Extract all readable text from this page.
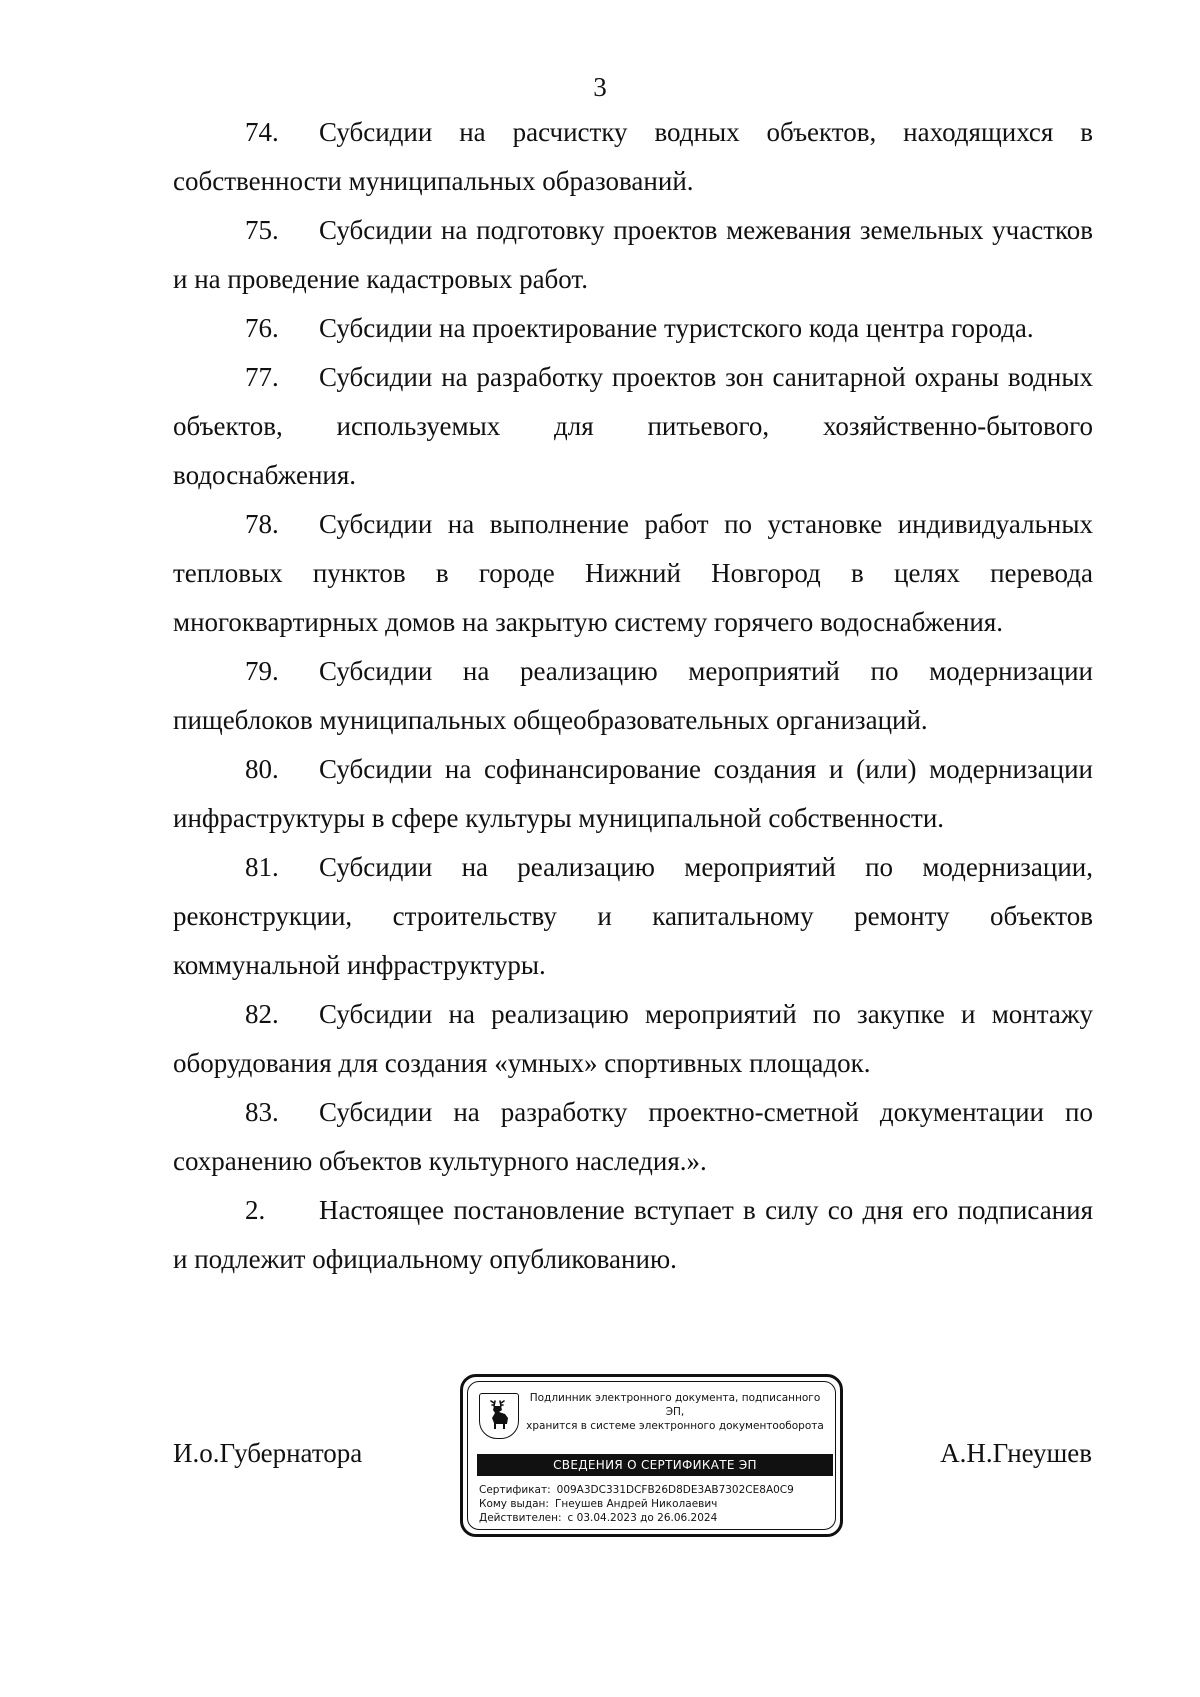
3

74. Субсидии на расчистку водных объектов, находящихся в собственности муниципальных образований.

75. Субсидии на подготовку проектов межевания земельных участков и на проведение кадастровых работ.

76. Субсидии на проектирование туристского кода центра города.

77. Субсидии на разработку проектов зон санитарной охраны водных объектов, используемых для питьевого, хозяйственно-бытового водоснабжения.

78. Субсидии на выполнение работ по установке индивидуальных тепловых пунктов в городе Нижний Новгород в целях перевода многоквартирных домов на закрытую систему горячего водоснабжения.

79. Субсидии на реализацию мероприятий по модернизации пищеблоков муниципальных общеобразовательных организаций.

80. Субсидии на софинансирование создания и (или) модернизации инфраструктуры в сфере культуры муниципальной собственности.

81. Субсидии на реализацию мероприятий по модернизации, реконструкции, строительству и капитальному ремонту объектов коммунальной инфраструктуры.

82. Субсидии на реализацию мероприятий по закупке и монтажу оборудования для создания «умных» спортивных площадок.

83. Субсидии на разработку проектно-сметной документации по сохранению объектов культурного наследия.».

2. Настоящее постановление вступает в силу со дня его подписания и подлежит официальному опубликованию.

И.о.Губернатора	А.Н.Гнеушев
Подлинник электронного документа, подписанного ЭП,
хранится в системе электронного документооборота
СВЕДЕНИЯ О СЕРТИФИКАТЕ ЭП
Сертификат: 009A3DC331DCFB26D8DE3AB7302CE8A0C9
Кому выдан: Гнеушев Андрей Николаевич
Действителен: с 03.04.2023 до 26.06.2024
